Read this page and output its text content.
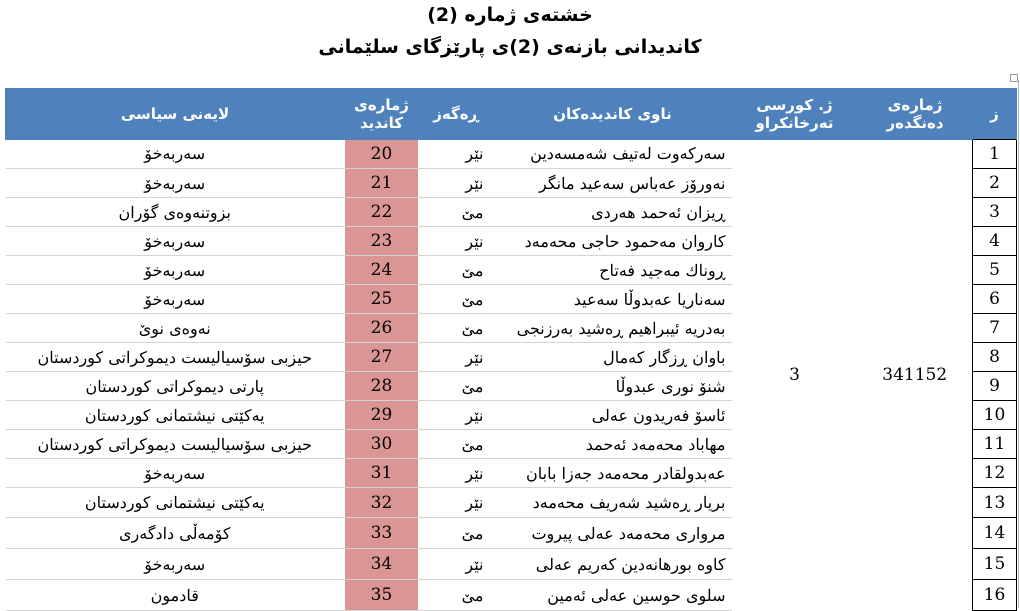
خشتەی ژمارە (2)
کاندیدانی بازنەی (2)ی پارێزگای سلێمانی
ز	ژمارەی دەنگدەر	ژ. کورسی تەرخانکراو	ناوی کاندیدەکان	ڕەگەز	ژمارەی کاندید	لایەنی سیاسی
1	341152	3	سەرکەوت لەتیف شەمسەدین	نێر	20	سەربەخۆ
2			نەورۆز عەباس سەعید مانگر	نێر	21	سەربەخۆ
3			ڕیزان ئەحمد هەردی	مێ	22	بزوتنەوەی گۆران
4			کاروان مەحمود حاجی محەمەد	نێر	23	سەربەخۆ
5			ڕوناك مەجید فەتاح	مێ	24	سەربەخۆ
6			سەناریا عەبدوڵا سەعید	مێ	25	سەربەخۆ
7			بەدریە ئیبراهیم ڕەشید بەرزنجی	مێ	26	نەوەی نوێ
8			باوان ڕزگار کەمال	نێر	27	حیزبی سۆسیالیست دیموکراتی کوردستان
9			شنۆ نوری عبدوڵا	مێ	28	پارتی دیموکراتی کوردستان
10			ئاسۆ فەریدون عەلی	نێر	29	یەکێتی نیشتمانی کوردستان
11			مهاباد محەمەد ئەحمد	مێ	30	حیزبی سۆسیالیست دیموکراتی کوردستان
12			عەبدولقادر محەمەد جەزا بابان	نێر	31	سەربەخۆ
13			بریار ڕەشید شەریف محەمەد	نێر	32	یەکێتی نیشتمانی کوردستان
14			مرواری محەمەد عەلی پیروت	مێ	33	کۆمەڵی دادگەری
15			کاوە بورهانەدین کەریم عەلی	نێر	34	سەربەخۆ
16			سلوی حوسین عەلی ئەمین	مێ	35	قادمون
